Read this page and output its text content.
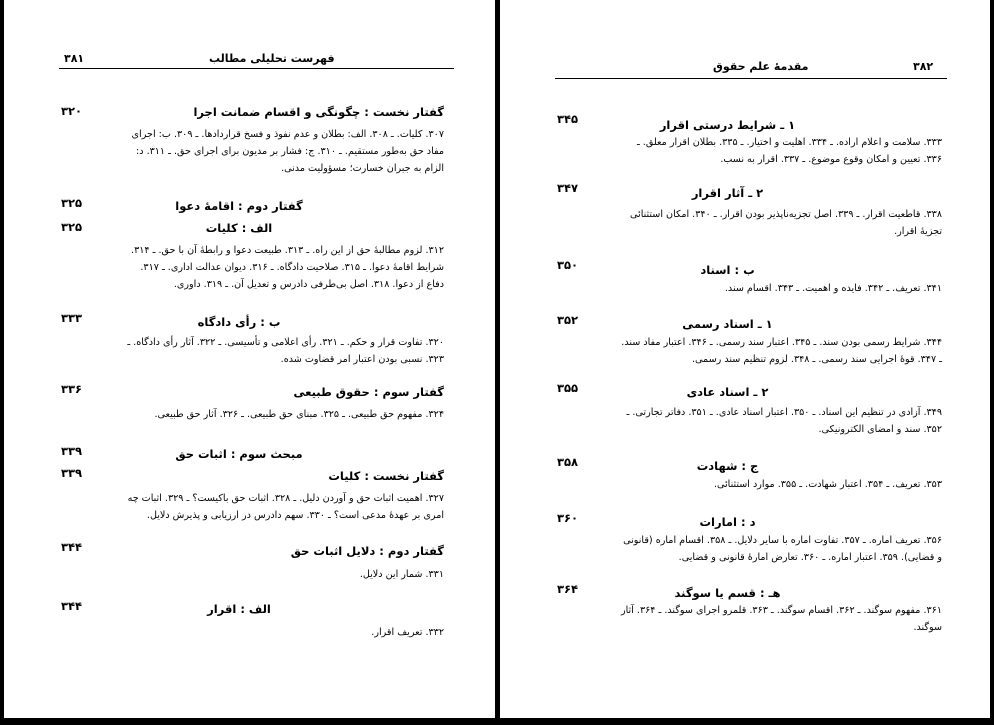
۳۸۱	فهرست تحلیلی مطالب
گفتار نخست : چگونگی و اقسام ضمانت اجرا
۳۲۰
۳۰۷. کلیات. ـ ۳۰۸. الف: بطلان و عدم نفوذ و فسخ قراردادها. ـ ۳۰۹. ب: اجرای مفاد حق به‌طور مستقیم. ـ ۳۱۰. ج: فشار بر مدیون برای اجرای حق. ـ ۳۱۱. د: الزام به جبران خسارت؛ مسؤولیت مدنی.
گفتار دوم : اقامهٔ دعوا
۳۲۵
الف : کلیات
۳۲۵
۳۱۲. لزوم مطالبهٔ حق از این راه. ـ ۳۱۳. طبیعت دعوا و رابطهٔ آن با حق. ـ ۳۱۴. شرایط اقامهٔ دعوا. ـ ۳۱۵. صلاحیت دادگاه. ـ ۳۱۶. دیوان عدالت اداری. ـ ۳۱۷. دفاع از دعوا. ۳۱۸. اصل بی‌طرفی دادرس و تعدیل آن. ـ ۳۱۹. داوری.
ب : رأی دادگاه
۳۳۳
۳۲۰. تفاوت قرار و حکم. ـ ۳۲۱. رأی اعلامی و تأسیسی. ـ ۳۲۲. آثار رأی دادگاه. ـ ۳۲۳. نسبی بودن اعتبار امر قضاوت شده.
گفتار سوم : حقوق طبیعی
۳۳۶
۳۲۴. مفهوم حق طبیعی. ـ ۳۲۵. مبنای حق طبیعی. ـ ۳۲۶. آثار حق طبیعی.
مبحث سوم : اثبات حق
۳۳۹
گفتار نخست : کلیات
۳۳۹
۳۲۷. اهمیت اثبات حق و آوردن دلیل. ـ ۳۲۸. اثبات حق باکیست؟ ـ ۳۲۹. اثبات چه امری بر عهدهٔ مدعی است؟ ـ ۳۳۰. سهم دادرس در ارزیابی و پذیرش دلایل.
گفتار دوم : دلایل اثبات حق
۳۴۴
۳۳۱. شمار این دلایل.
الف : اقرار
۳۴۴
۳۳۲. تعریف اقرار.
مقدمهٔ علم حقوق	۳۸۲
۱ ـ شرایط درستی اقرار
۳۴۵
۳۳۳. سلامت و اعلام اراده. ـ ۳۳۴. اهلیت و اختیار. ـ ۳۳۵. بطلان اقرار معلق. ـ ۳۳۶. تعیین و امکان وقوع موضوع. ـ ۳۳۷. اقرار به نسب.
۲ ـ آثار اقرار
۳۴۷
۳۳۸. قاطعیت اقرار. ـ ۳۳۹. اصل تجزیه‌ناپذیر بودن اقرار. ـ ۳۴۰. امکان استثنائی تجزیهٔ اقرار.
ب : اسناد
۳۵۰
۳۴۱. تعریف. ـ ۳۴۲. فایده و اهمیت. ـ ۳۴۳. اقسام سند.
۱ ـ اسناد رسمی
۳۵۲
۳۴۴. شرایط رسمی بودن سند. ـ ۳۴۵. اعتبار سند رسمی. ـ ۳۴۶. اعتبار مفاد سند. ـ ۳۴۷. قوهٔ اجرایی سند رسمی. ـ ۳۴۸. لزوم تنظیم سند رسمی.
۲ ـ اسناد عادی
۳۵۵
۳۴۹. آزادی در تنظیم این اسناد. ـ ۳۵۰. اعتبار اسناد عادی. ـ ۳۵۱. دفاتر تجارتی. ـ ۳۵۲. سند و امضای الکترونیکی.
ج : شهادت
۳۵۸
۳۵۳. تعریف. ـ ۳۵۴. اعتبار شهادت. ـ ۳۵۵. موارد استثنائی.
د : امارات
۳۶۰
۳۵۶. تعریف اماره. ـ ۳۵۷. تفاوت اماره با سایر دلایل. ـ ۳۵۸. اقسام اماره (قانونی و قضایی). ۳۵۹. اعتبار اماره. ـ ۳۶۰. تعارض امارهٔ قانونی و قضایی.
هـ : قسم یا سوگند
۳۶۴
۳۶۱. مفهوم سوگند. ـ ۳۶۲. اقسام سوگند. ـ ۳۶۳. قلمرو اجرای سوگند. ـ ۳۶۴. آثار سوگند.
